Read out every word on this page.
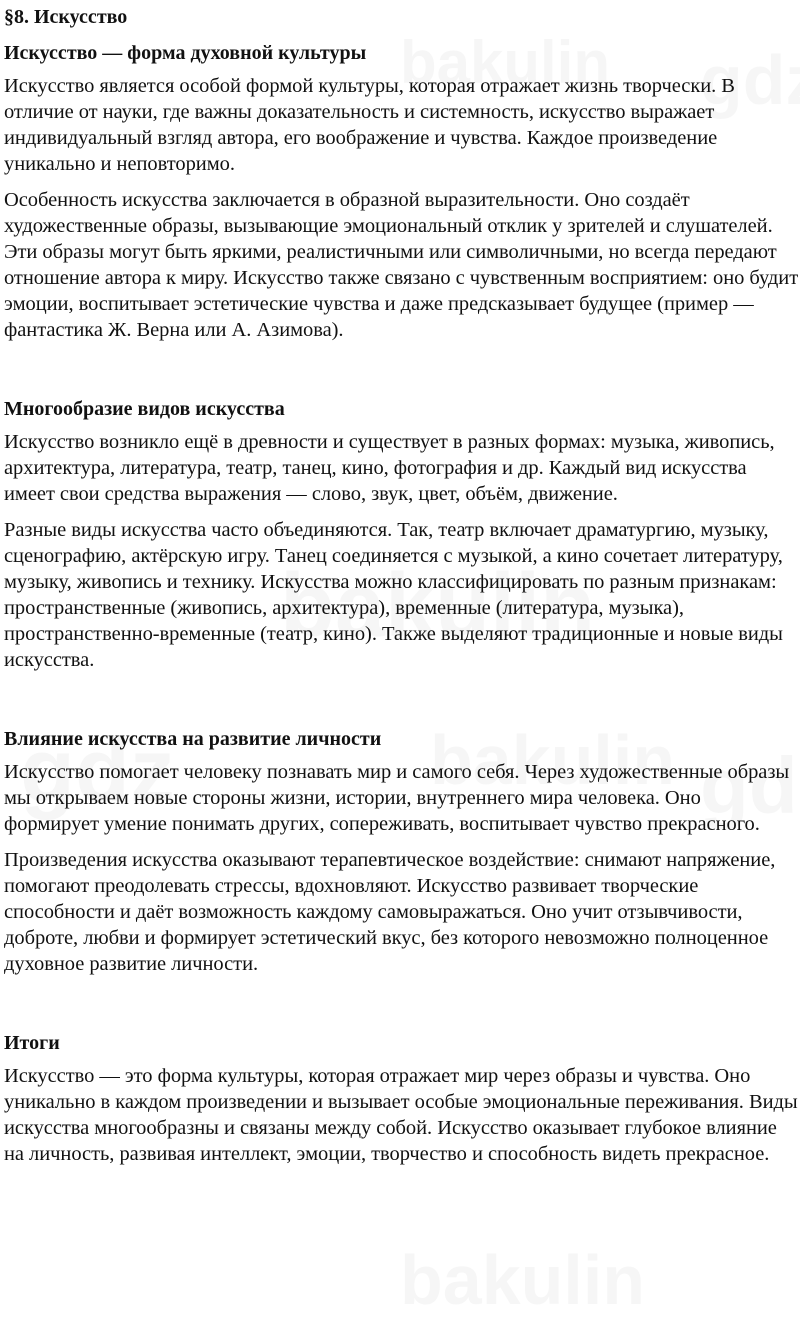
§8. Искусство
Искусство — форма духовной культуры

Искусство является особой формой культуры, которая отражает жизнь творчески. В отличие от науки, где важны доказательность и системность, искусство выражает индивидуальный взгляд автора, его воображение и чувства. Каждое произведение уникально и неповторимо.

Особенность искусства заключается в образной выразительности. Оно создаёт художественные образы, вызывающие эмоциональный отклик у зрителей и слушателей. Эти образы могут быть яркими, реалистичными или символичными, но всегда передают отношение автора к миру. Искусство также связано с чувственным восприятием: оно будит эмоции, воспитывает эстетические чувства и даже предсказывает будущее (пример — фантастика Ж. Верна или А. Азимова).

Многообразие видов искусства

Искусство возникло ещё в древности и существует в разных формах: музыка, живопись, архитектура, литература, театр, танец, кино, фотография и др. Каждый вид искусства имеет свои средства выражения — слово, звук, цвет, объём, движение.

Разные виды искусства часто объединяются. Так, театр включает драматургию, музыку, сценографию, актёрскую игру. Танец соединяется с музыкой, а кино сочетает литературу, музыку, живопись и технику. Искусства можно классифицировать по разным признакам: пространственные (живопись, архитектура), временные (литература, музыка), пространственно-временные (театр, кино). Также выделяют традиционные и новые виды искусства.

Влияние искусства на развитие личности

Искусство помогает человеку познавать мир и самого себя. Через художественные образы мы открываем новые стороны жизни, истории, внутреннего мира человека. Оно формирует умение понимать других, сопереживать, воспитывает чувство прекрасного.

Произведения искусства оказывают терапевтическое воздействие: снимают напряжение, помогают преодолевать стрессы, вдохновляют. Искусство развивает творческие способности и даёт возможность каждому самовыражаться. Оно учит отзывчивости, доброте, любви и формирует эстетический вкус, без которого невозможно полноценное духовное развитие личности.

Итоги

Искусство — это форма культуры, которая отражает мир через образы и чувства. Оно уникально в каждом произведении и вызывает особые эмоциональные переживания. Виды искусства многообразны и связаны между собой. Искусство оказывает глубокое влияние на личность, развивая интеллект, эмоции, творчество и способность видеть прекрасное.
